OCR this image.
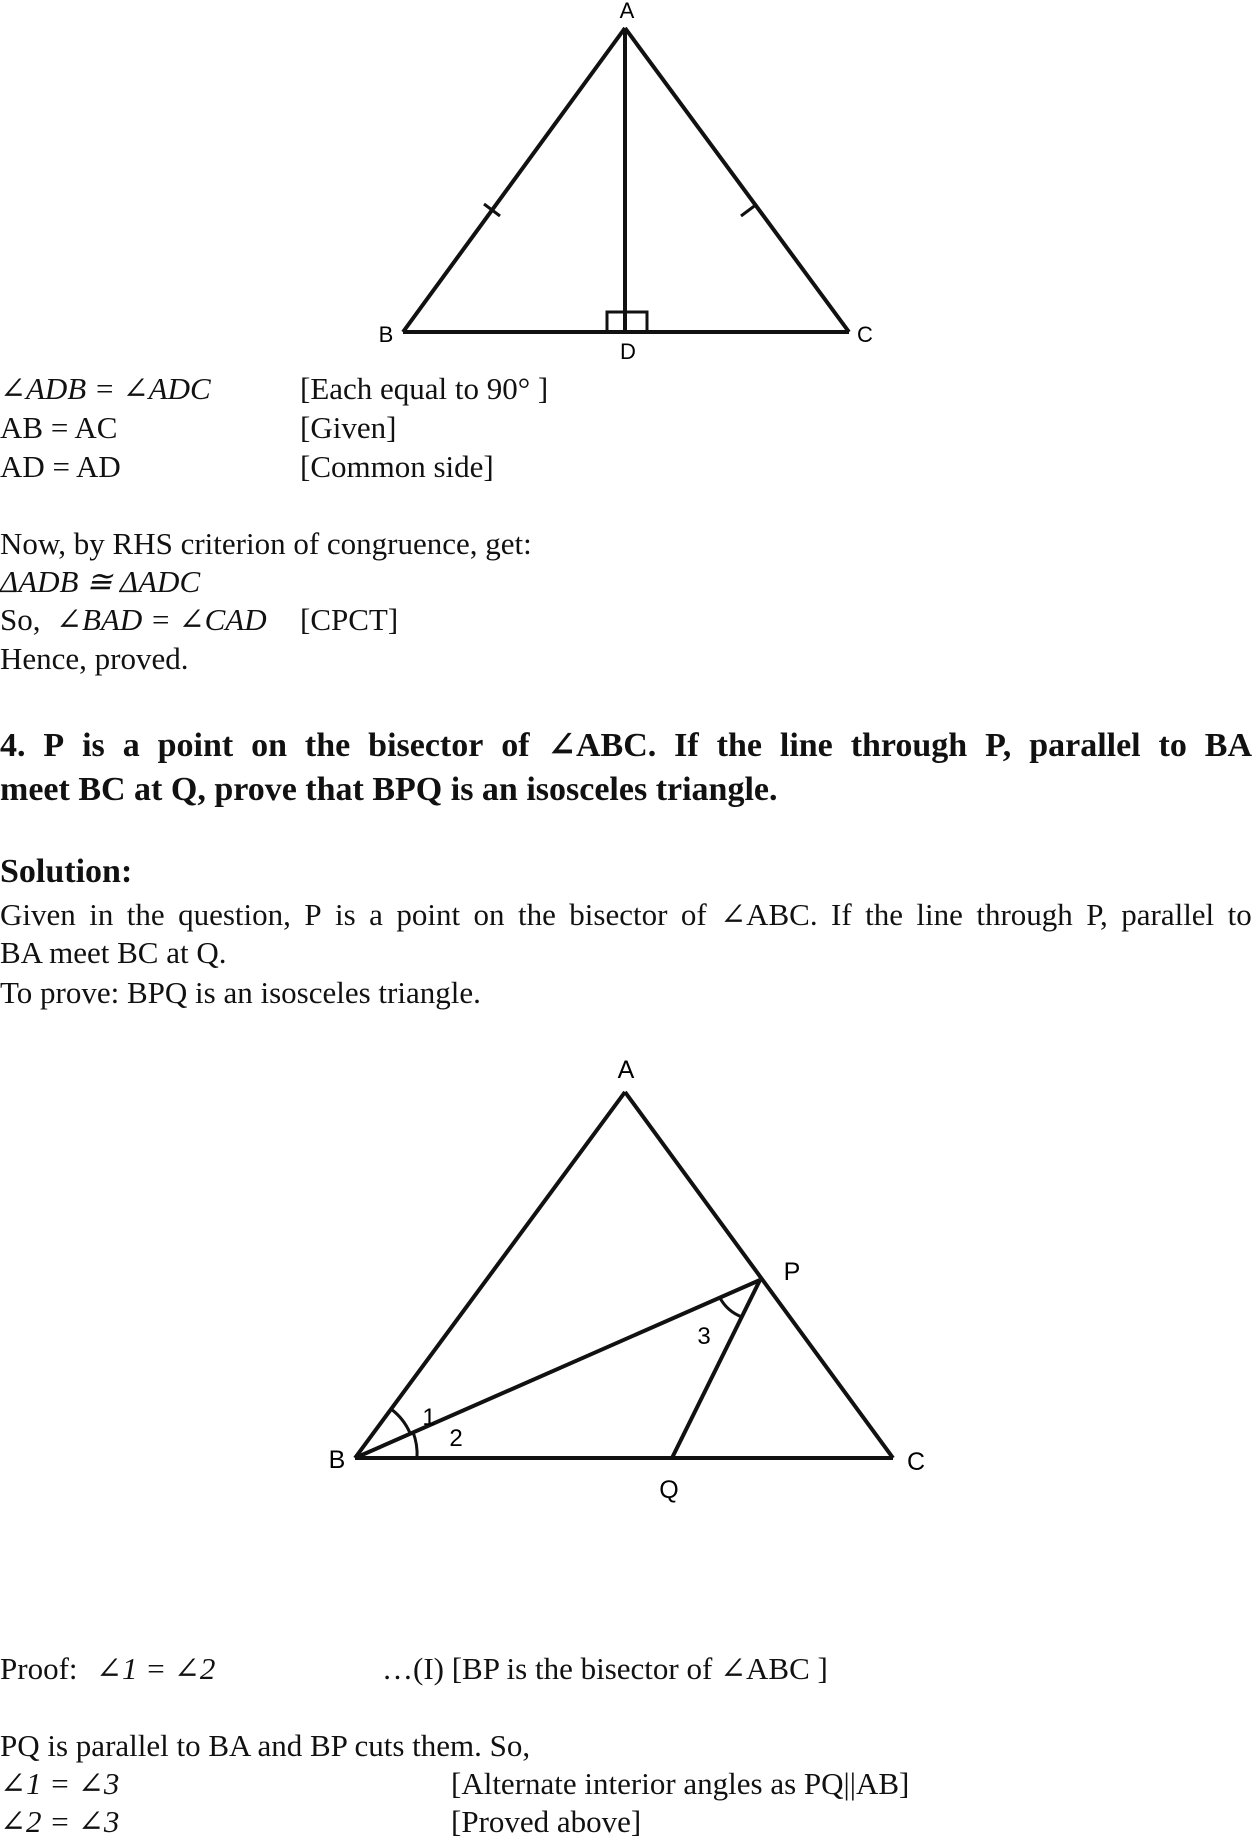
A
B	C
D
∠ADB = ∠ADC	[Each equal to 90° ]
AB = AC	[Given]
AD = AD	[Common side]
Now, by RHS criterion of congruence, get:
ΔADB ≅ ΔADC
So, ∠BAD = ∠CAD [CPCT]
Hence, proved.
4. P is a point on the bisector of ∠ABC. If the line through P, parallel to BA
meet BC at Q, prove that BPQ is an isosceles triangle.
Solution:
Given in the question, P is a point on the bisector of ∠ABC. If the line through P, parallel to
BA meet BC at Q.
To prove: BPQ is an isosceles triangle.
A
P
B	C
Q
1
2
3
Proof: ∠1 = ∠2	…(I) [BP is the bisector of ∠ABC ]
PQ is parallel to BA and BP cuts them. So,
∠1 = ∠3	[Alternate interior angles as PQ||AB]
∠2 = ∠3	[Proved above]
